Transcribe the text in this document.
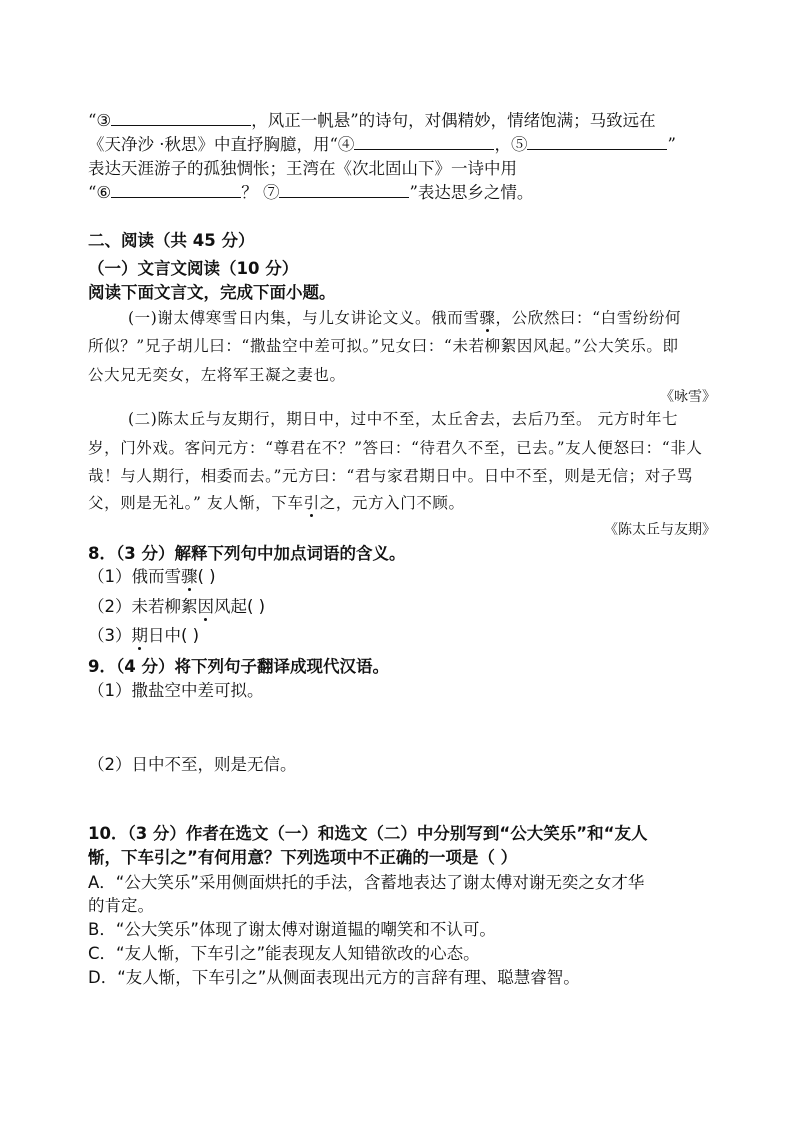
“③	，风正一帆悬”的诗句，对偶精妙，情绪饱满；马致远在
《天净沙 ·秋思》中直抒胸臆，用“④	，⑤	”
表达天涯游子的孤独惆怅；王湾在《次北固山下》一诗中用
“⑥	？ ⑦	”表达思乡之情。
二、阅读（共 45 分）
（一）文言文阅读（10 分）
阅读下面文言文，完成下面小题。
(一)谢太傅寒雪日内集，与儿女讲论文义。俄而雪骤，公欣然曰：“白雪纷纷何
所似？”兄子胡儿曰：“撒盐空中差可拟。”兄女曰：“未若柳絮因风起。”公大笑乐。即
公大兄无奕女，左将军王凝之妻也。
《咏雪》
(二)陈太丘与友期行，期日中，过中不至，太丘舍去，去后乃至。 元方时年七
岁，门外戏。客问元方：“尊君在不？”答曰：“待君久不至，已去。”友人便怒曰：“非人
哉！与人期行，相委而去。”元方曰：“君与家君期日中。日中不至，则是无信；对子骂
父，则是无礼。” 友人惭，下车引之，元方入门不顾。
《陈太丘与友期》
8．（3 分）解释下列句中加点词语的含义。
（1）俄而雪骤( )
（2）未若柳絮因风起( )
（3）期日中( )
9．（4 分）将下列句子翻译成现代汉语。
（1）撒盐空中差可拟。
（2）日中不至，则是无信。
10．（3 分）作者在选文（一）和选文（二）中分别写到“公大笑乐”和“友人
惭，下车引之”有何用意？下列选项中不正确的一项是（ ）
A．“公大笑乐”采用侧面烘托的手法，含蓄地表达了谢太傅对谢无奕之女才华
的肯定。
B．“公大笑乐”体现了谢太傅对谢道韫的嘲笑和不认可。
C．“友人惭，下车引之”能表现友人知错欲改的心态。
D．“友人惭，下车引之”从侧面表现出元方的言辞有理、聪慧睿智。
